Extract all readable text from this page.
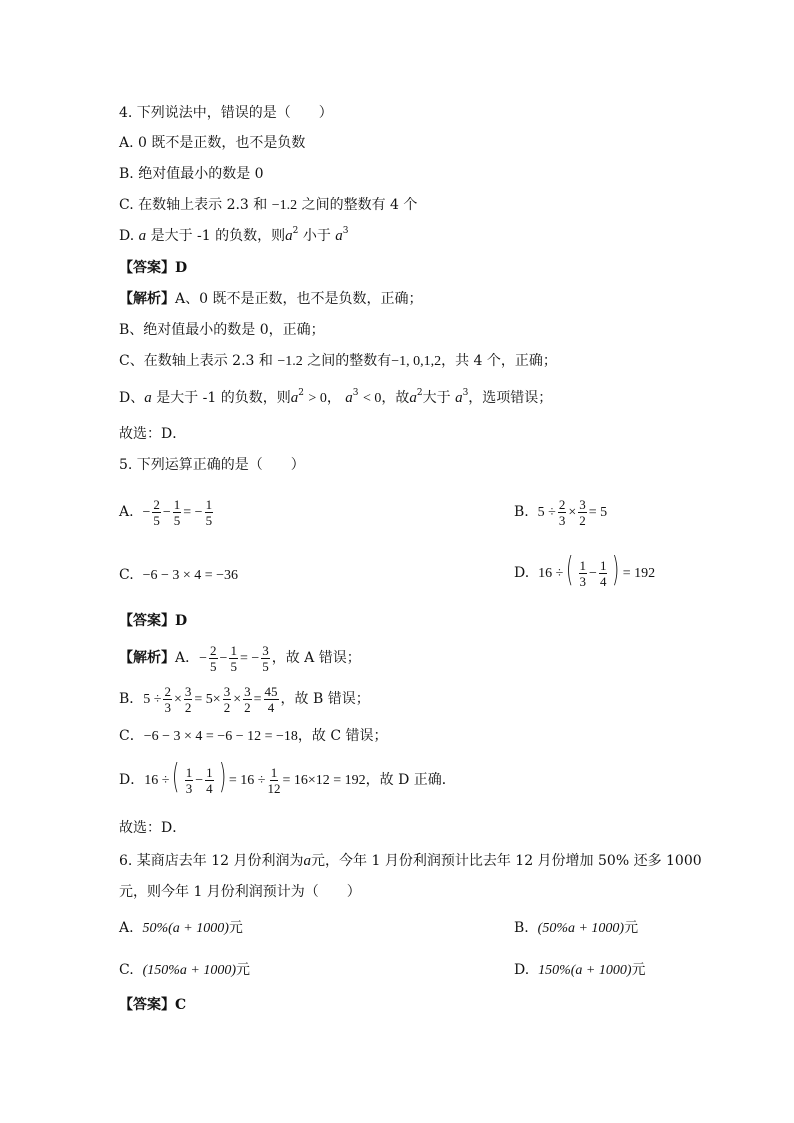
4. 下列说法中，错误的是（　　）
A. 0 既不是正数，也不是负数
B. 绝对值最小的数是 0
C. 在数轴上表示 2.3 和 −1.2 之间的整数有 4 个
D. a 是大于 -1 的负数，则$a^2$ 小于 $a^3$
【答案】D
【解析】A、0 既不是正数，也不是负数，正确；
B、绝对值最小的数是 0，正确；
C、在数轴上表示 2.3 和 −1.2 之间的整数有−1, 0,1,2，共 4 个，正确；
D、a 是大于 -1 的负数，则$a^2 > 0$， $a^3 < 0$，故$a^2$大于 $a^3$，选项错误；
故选：D．
5. 下列运算正确的是（　　）
A. − $\frac{2}{5} - \frac{1}{5}$ = − $\frac{1}{5}$	B. $5 \div \frac{2}{3} \times \frac{3}{2} = 5$
C. −6 − 3 × 4 = −36	D. 16 ÷( $\frac{1}{3} - \frac{1}{4}$ ) = 192
【答案】D
【解析】A．− $\frac{2}{5} - \frac{1}{5}$ = − $\frac{3}{5}$ ，故 A 错误；
B．$5 \div \frac{2}{3} \times \frac{3}{2} = 5\times \frac{3}{2} \times \frac{3}{2} = \frac{45}{4}$ ，故 B 错误；
C．−6 − 3 × 4 = −6 − 12 = −18，故 C 错误；
D．16 ÷( $\frac{1}{3} - \frac{1}{4}$ ) = $16 \div \frac{1}{12} = 16\times 12 = 192$，故 D 正确．
故选：D．
6. 某商店去年 12 月份利润为a元，今年 1 月份利润预计比去年 12 月份增加 50% 还多 1000
元，则今年 1 月份利润预计为（　　）
A. 50%(a + 1000)元	B. (50%a + 1000)元
C. (150%a + 1000)元	D. 150%(a + 1000)元
【答案】C
